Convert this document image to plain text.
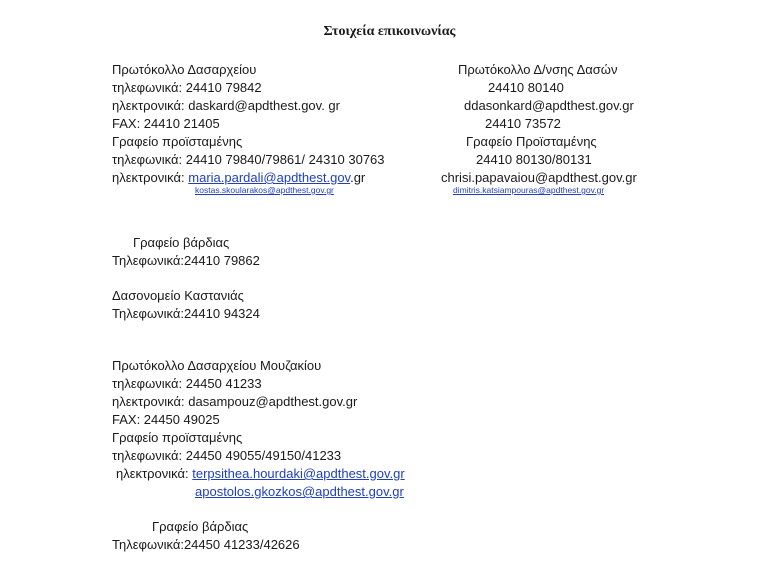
Στοιχεία επικοινωνίας
Πρωτόκολλο Δασαρχείου
τηλεφωνικά: 24410 79842
ηλεκτρονικά: daskard@apdthest.gov. gr
FAX: 24410 21405
Γραφείο προϊσταμένης
τηλεφωνικά: 24410 79840/79861/ 24310 30763
ηλεκτρονικά: maria.pardali@apdthest.gov.gr
kostas.skoularakos@apdthest.gov.gr
Πρωτόκολλο Δ/νσης Δασών
24410 80140
ddasonkard@apdthest.gov.gr
24410 73572
Γραφείο Προϊσταμένης
24410 80130/80131
chrisi.papavaiou@apdthest.gov.gr
dimitris.katsiampouras@apdthest.gov.gr
Γραφείο βάρδιας
Τηλεφωνικά:24410 79862
Δασονομείο Καστανιάς
Τηλεφωνικά:24410 94324
Πρωτόκολλο Δασαρχείου Μουζακίου
τηλεφωνικά: 24450 41233
ηλεκτρονικά: dasampouz@apdthest.gov.gr
FAX: 24450 49025
Γραφείο προϊσταμένης
τηλεφωνικά: 24450 49055/49150/41233
ηλεκτρονικά: terpsithea.hourdaki@apdthest.gov.gr
apostolos.gkozkos@apdthest.gov.gr
Γραφείο βάρδιας
Τηλεφωνικά:24450 41233/42626
